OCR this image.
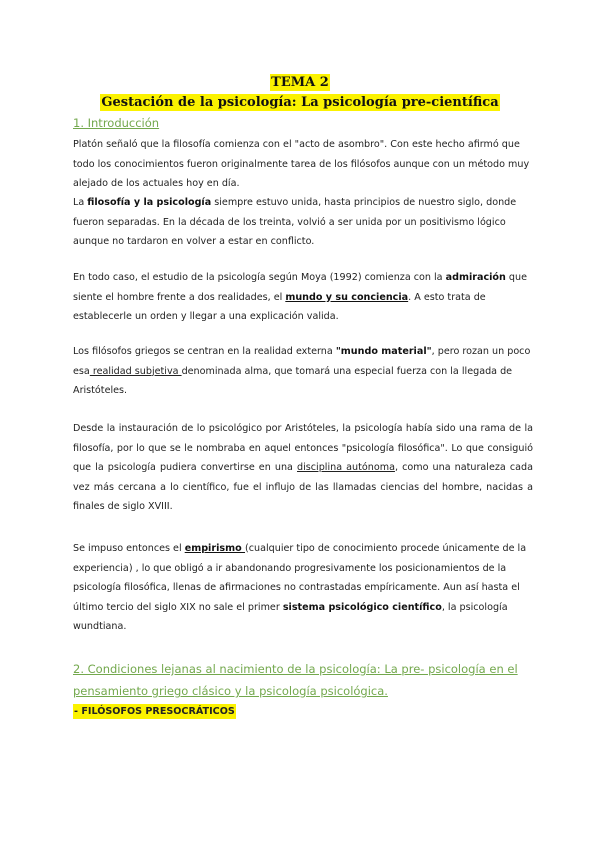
TEMA 2
Gestación de la psicología: La psicología pre-científica
1. Introducción
Platón señaló que la filosofía comienza con el "acto de asombro". Con este hecho afirmó que todo los conocimientos fueron originalmente tarea de los filósofos aunque con un método muy alejado de los actuales hoy en día.
La filosofía y la psicología siempre estuvo unida, hasta principios de nuestro siglo, donde fueron separadas. En la década de los treinta, volvió a ser unida por un positivismo lógico aunque no tardaron en volver a estar en conflicto.
En todo caso, el estudio de la psicología según Moya (1992) comienza con la admiración que siente el hombre frente a dos realidades, el mundo y su conciencia. A esto trata de establecerle un orden y llegar a una explicación valida.
Los filósofos griegos se centran en la realidad externa "mundo material", pero rozan un poco esa realidad subjetiva denominada alma, que tomará una especial fuerza con la llegada de Aristóteles.
Desde la instauración de lo psicológico por Aristóteles, la psicología había sido una rama de la filosofía, por lo que se le nombraba en aquel entonces "psicología filosófica". Lo que consiguió que la psicología pudiera convertirse en una disciplina autónoma, como una naturaleza cada vez más cercana a lo científico, fue el influjo de las llamadas ciencias del hombre, nacidas a finales de siglo XVIII.
Se impuso entonces el empirismo (cualquier tipo de conocimiento procede únicamente de la experiencia) , lo que obligó a ir abandonando progresivamente los posicionamientos de la psicología filosófica, llenas de afirmaciones no contrastadas empíricamente. Aun así hasta el último tercio del siglo XIX no sale el primer sistema psicológico científico, la psicología wundtiana.
2. Condiciones lejanas al nacimiento de la psicología: La pre- psicología en el
pensamiento griego clásico y la psicología psicológica.
- FILÓSOFOS PRESOCRÁTICOS
